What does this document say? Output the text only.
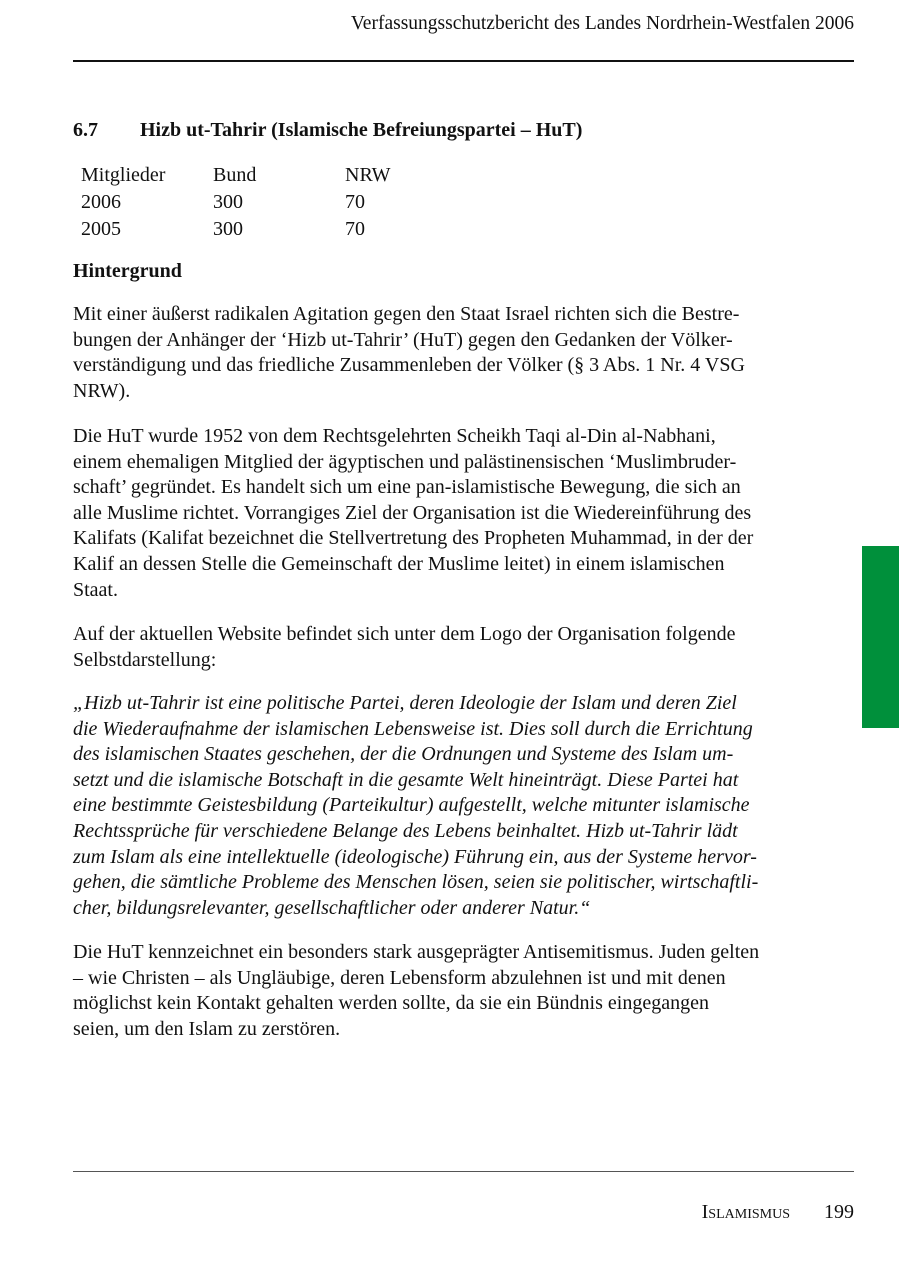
Verfassungsschutzbericht des Landes Nordrhein-Westfalen 2006
6.7 Hizb ut-Tahrir (Islamische Befreiungspartei – HuT)
Mitglieder	Bund	NRW
2006	300	70
2005	300	70
Hintergrund
Mit einer äußerst radikalen Agitation gegen den Staat Israel richten sich die Bestre-
bungen der Anhänger der ‘Hizb ut-Tahrir’ (HuT) gegen den Gedanken der Völker-
verständigung und das friedliche Zusammenleben der Völker (§ 3 Abs. 1 Nr. 4 VSG
NRW).
Die HuT wurde 1952 von dem Rechtsgelehrten Scheikh Taqi al-Din al-Nabhani,
einem ehemaligen Mitglied der ägyptischen und palästinensischen ‘Muslimbruder-
schaft’ gegründet. Es handelt sich um eine pan-islamistische Bewegung, die sich an
alle Muslime richtet. Vorrangiges Ziel der Organisation ist die Wiedereinführung des
Kalifats (Kalifat bezeichnet die Stellvertretung des Propheten Muhammad, in der der
Kalif an dessen Stelle die Gemeinschaft der Muslime leitet) in einem islamischen
Staat.
Auf der aktuellen Website befindet sich unter dem Logo der Organisation folgende
Selbstdarstellung:
„Hizb ut-Tahrir ist eine politische Partei, deren Ideologie der Islam und deren Ziel
die Wiederaufnahme der islamischen Lebensweise ist. Dies soll durch die Errichtung
des islamischen Staates geschehen, der die Ordnungen und Systeme des Islam um-
setzt und die islamische Botschaft in die gesamte Welt hineinträgt. Diese Partei hat
eine bestimmte Geistesbildung (Parteikultur) aufgestellt, welche mitunter islamische
Rechtssprüche für verschiedene Belange des Lebens beinhaltet. Hizb ut-Tahrir lädt
zum Islam als eine intellektuelle (ideologische) Führung ein, aus der Systeme hervor-
gehen, die sämtliche Probleme des Menschen lösen, seien sie politischer, wirtschaftli-
cher, bildungsrelevanter, gesellschaftlicher oder anderer Natur.“
Die HuT kennzeichnet ein besonders stark ausgeprägter Antisemitismus. Juden gelten
– wie Christen – als Ungläubige, deren Lebensform abzulehnen ist und mit denen
möglichst kein Kontakt gehalten werden sollte, da sie ein Bündnis eingegangen
seien, um den Islam zu zerstören.
Islamismus 199
